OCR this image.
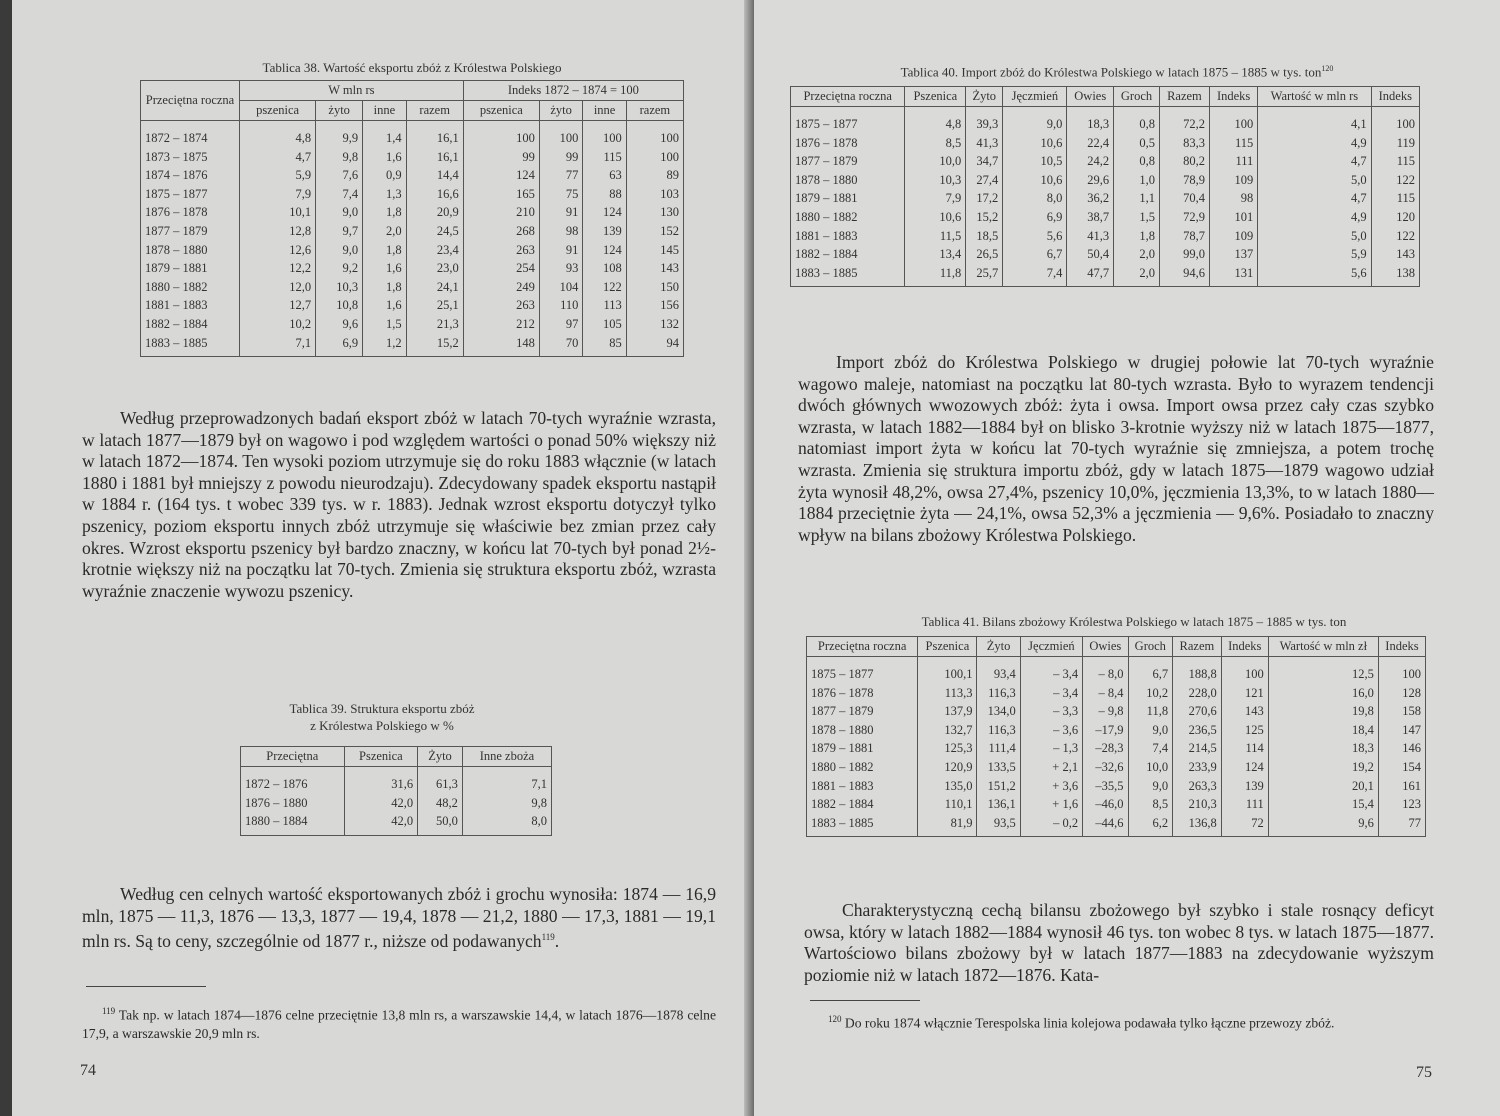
Tablica 38. Wartość eksportu zbóż z Królestwa Polskiego
Przeciętna roczna	W mln rs				Indeks 1872 – 1874 = 100			
	pszenica	żyto	inne	razem	pszenica	żyto	inne	razem
1872 – 1874	4,8	9,9	1,4	16,1	100	100	100	100
1873 – 1875	4,7	9,8	1,6	16,1	99	99	115	100
1874 – 1876	5,9	7,6	0,9	14,4	124	77	63	89
1875 – 1877	7,9	7,4	1,3	16,6	165	75	88	103
1876 – 1878	10,1	9,0	1,8	20,9	210	91	124	130
1877 – 1879	12,8	9,7	2,0	24,5	268	98	139	152
1878 – 1880	12,6	9,0	1,8	23,4	263	91	124	145
1879 – 1881	12,2	9,2	1,6	23,0	254	93	108	143
1880 – 1882	12,0	10,3	1,8	24,1	249	104	122	150
1881 – 1883	12,7	10,8	1,6	25,1	263	110	113	156
1882 – 1884	10,2	9,6	1,5	21,3	212	97	105	132
1883 – 1885	7,1	6,9	1,2	15,2	148	70	85	94

Według przeprowadzonych badań eksport zbóż w latach 70-tych wyraźnie wzrasta, w latach 1877—1879 był on wagowo i pod względem wartości o ponad 50% większy niż w latach 1872—1874. Ten wysoki poziom utrzymuje się do roku 1883 włącznie (w latach 1880 i 1881 był mniejszy z powodu nieurodzaju). Zdecydowany spadek eksportu nastąpił w 1884 r. (164 tys. t wobec 339 tys. w r. 1883). Jednak wzrost eksportu dotyczył tylko pszenicy, poziom eksportu innych zbóż utrzymuje się właściwie bez zmian przez cały okres. Wzrost eksportu pszenicy był bardzo znaczny, w końcu lat 70-tych był ponad 2½-krotnie większy niż na początku lat 70-tych. Zmienia się struktura eksportu zbóż, wzrasta wyraźnie znaczenie wywozu pszenicy.

Tablica 39. Struktura eksportu zbóż
z Królestwa Polskiego w %
Przeciętna	Pszenica	Żyto	Inne zboża
1872 – 1876	31,6	61,3	7,1
1876 – 1880	42,0	48,2	9,8
1880 – 1884	42,0	50,0	8,0

Według cen celnych wartość eksportowanych zbóż i grochu wynosiła: 1874 — 16,9 mln, 1875 — 11,3, 1876 — 13,3, 1877 — 19,4, 1878 — 21,2, 1880 — 17,3, 1881 — 19,1 mln rs. Są to ceny, szczególnie od 1877 r., niższe od podawanych$^{119}$.

$^{119}$ Tak np. w latach 1874—1876 celne przeciętnie 13,8 mln rs, a warszawskie 14,4, w latach 1876—1878 celne 17,9, a warszawskie 20,9 mln rs.
74
Tablica 40. Import zbóż do Królestwa Polskiego w latach 1875 – 1885 w tys. ton$^{120}$
Przeciętna roczna	Pszenica	Żyto	Jęczmień	Owies	Groch	Razem	Indeks	Wartość w mln rs	Indeks
1875 – 1877	4,8	39,3	9,0	18,3	0,8	72,2	100	4,1	100
1876 – 1878	8,5	41,3	10,6	22,4	0,5	83,3	115	4,9	119
1877 – 1879	10,0	34,7	10,5	24,2	0,8	80,2	111	4,7	115
1878 – 1880	10,3	27,4	10,6	29,6	1,0	78,9	109	5,0	122
1879 – 1881	7,9	17,2	8,0	36,2	1,1	70,4	98	4,7	115
1880 – 1882	10,6	15,2	6,9	38,7	1,5	72,9	101	4,9	120
1881 – 1883	11,5	18,5	5,6	41,3	1,8	78,7	109	5,0	122
1882 – 1884	13,4	26,5	6,7	50,4	2,0	99,0	137	5,9	143
1883 – 1885	11,8	25,7	7,4	47,7	2,0	94,6	131	5,6	138

Import zbóż do Królestwa Polskiego w drugiej połowie lat 70-tych wyraźnie wagowo maleje, natomiast na początku lat 80-tych wzrasta. Było to wyrazem tendencji dwóch głównych wwozowych zbóż: żyta i owsa. Import owsa przez cały czas szybko wzrasta, w latach 1882—1884 był on blisko 3-krotnie wyższy niż w latach 1875—1877, natomiast import żyta w końcu lat 70-tych wyraźnie się zmniejsza, a potem trochę wzrasta. Zmienia się struktura importu zbóż, gdy w latach 1875—1879 wagowo udział żyta wynosił 48,2%, owsa 27,4%, pszenicy 10,0%, jęczmienia 13,3%, to w latach 1880—1884 przeciętnie żyta — 24,1%, owsa 52,3% a jęczmienia — 9,6%. Posiadało to znaczny wpływ na bilans zbożowy Królestwa Polskiego.

Tablica 41. Bilans zbożowy Królestwa Polskiego w latach 1875 – 1885 w tys. ton
Przeciętna roczna	Pszenica	Żyto	Jęczmień	Owies	Groch	Razem	Indeks	Wartość w mln zł	Indeks
1875 – 1877	100,1	93,4	– 3,4	– 8,0	6,7	188,8	100	12,5	100
1876 – 1878	113,3	116,3	– 3,4	– 8,4	10,2	228,0	121	16,0	128
1877 – 1879	137,9	134,0	– 3,3	– 9,8	11,8	270,6	143	19,8	158
1878 – 1880	132,7	116,3	– 3,6	–17,9	9,0	236,5	125	18,4	147
1879 – 1881	125,3	111,4	– 1,3	–28,3	7,4	214,5	114	18,3	146
1880 – 1882	120,9	133,5	+ 2,1	–32,6	10,0	233,9	124	19,2	154
1881 – 1883	135,0	151,2	+ 3,6	–35,5	9,0	263,3	139	20,1	161
1882 – 1884	110,1	136,1	+ 1,6	–46,0	8,5	210,3	111	15,4	123
1883 – 1885	81,9	93,5	– 0,2	–44,6	6,2	136,8	72	9,6	77

Charakterystyczną cechą bilansu zbożowego był szybko i stale rosnący deficyt owsa, który w latach 1882—1884 wynosił 46 tys. ton wobec 8 tys. w latach 1875—1877. Wartościowo bilans zbożowy był w latach 1877—1883 na zdecydowanie wyższym poziomie niż w latach 1872—1876. Kata-

$^{120}$ Do roku 1874 włącznie Terespolska linia kolejowa podawała tylko łączne przewozy zbóż.
75
